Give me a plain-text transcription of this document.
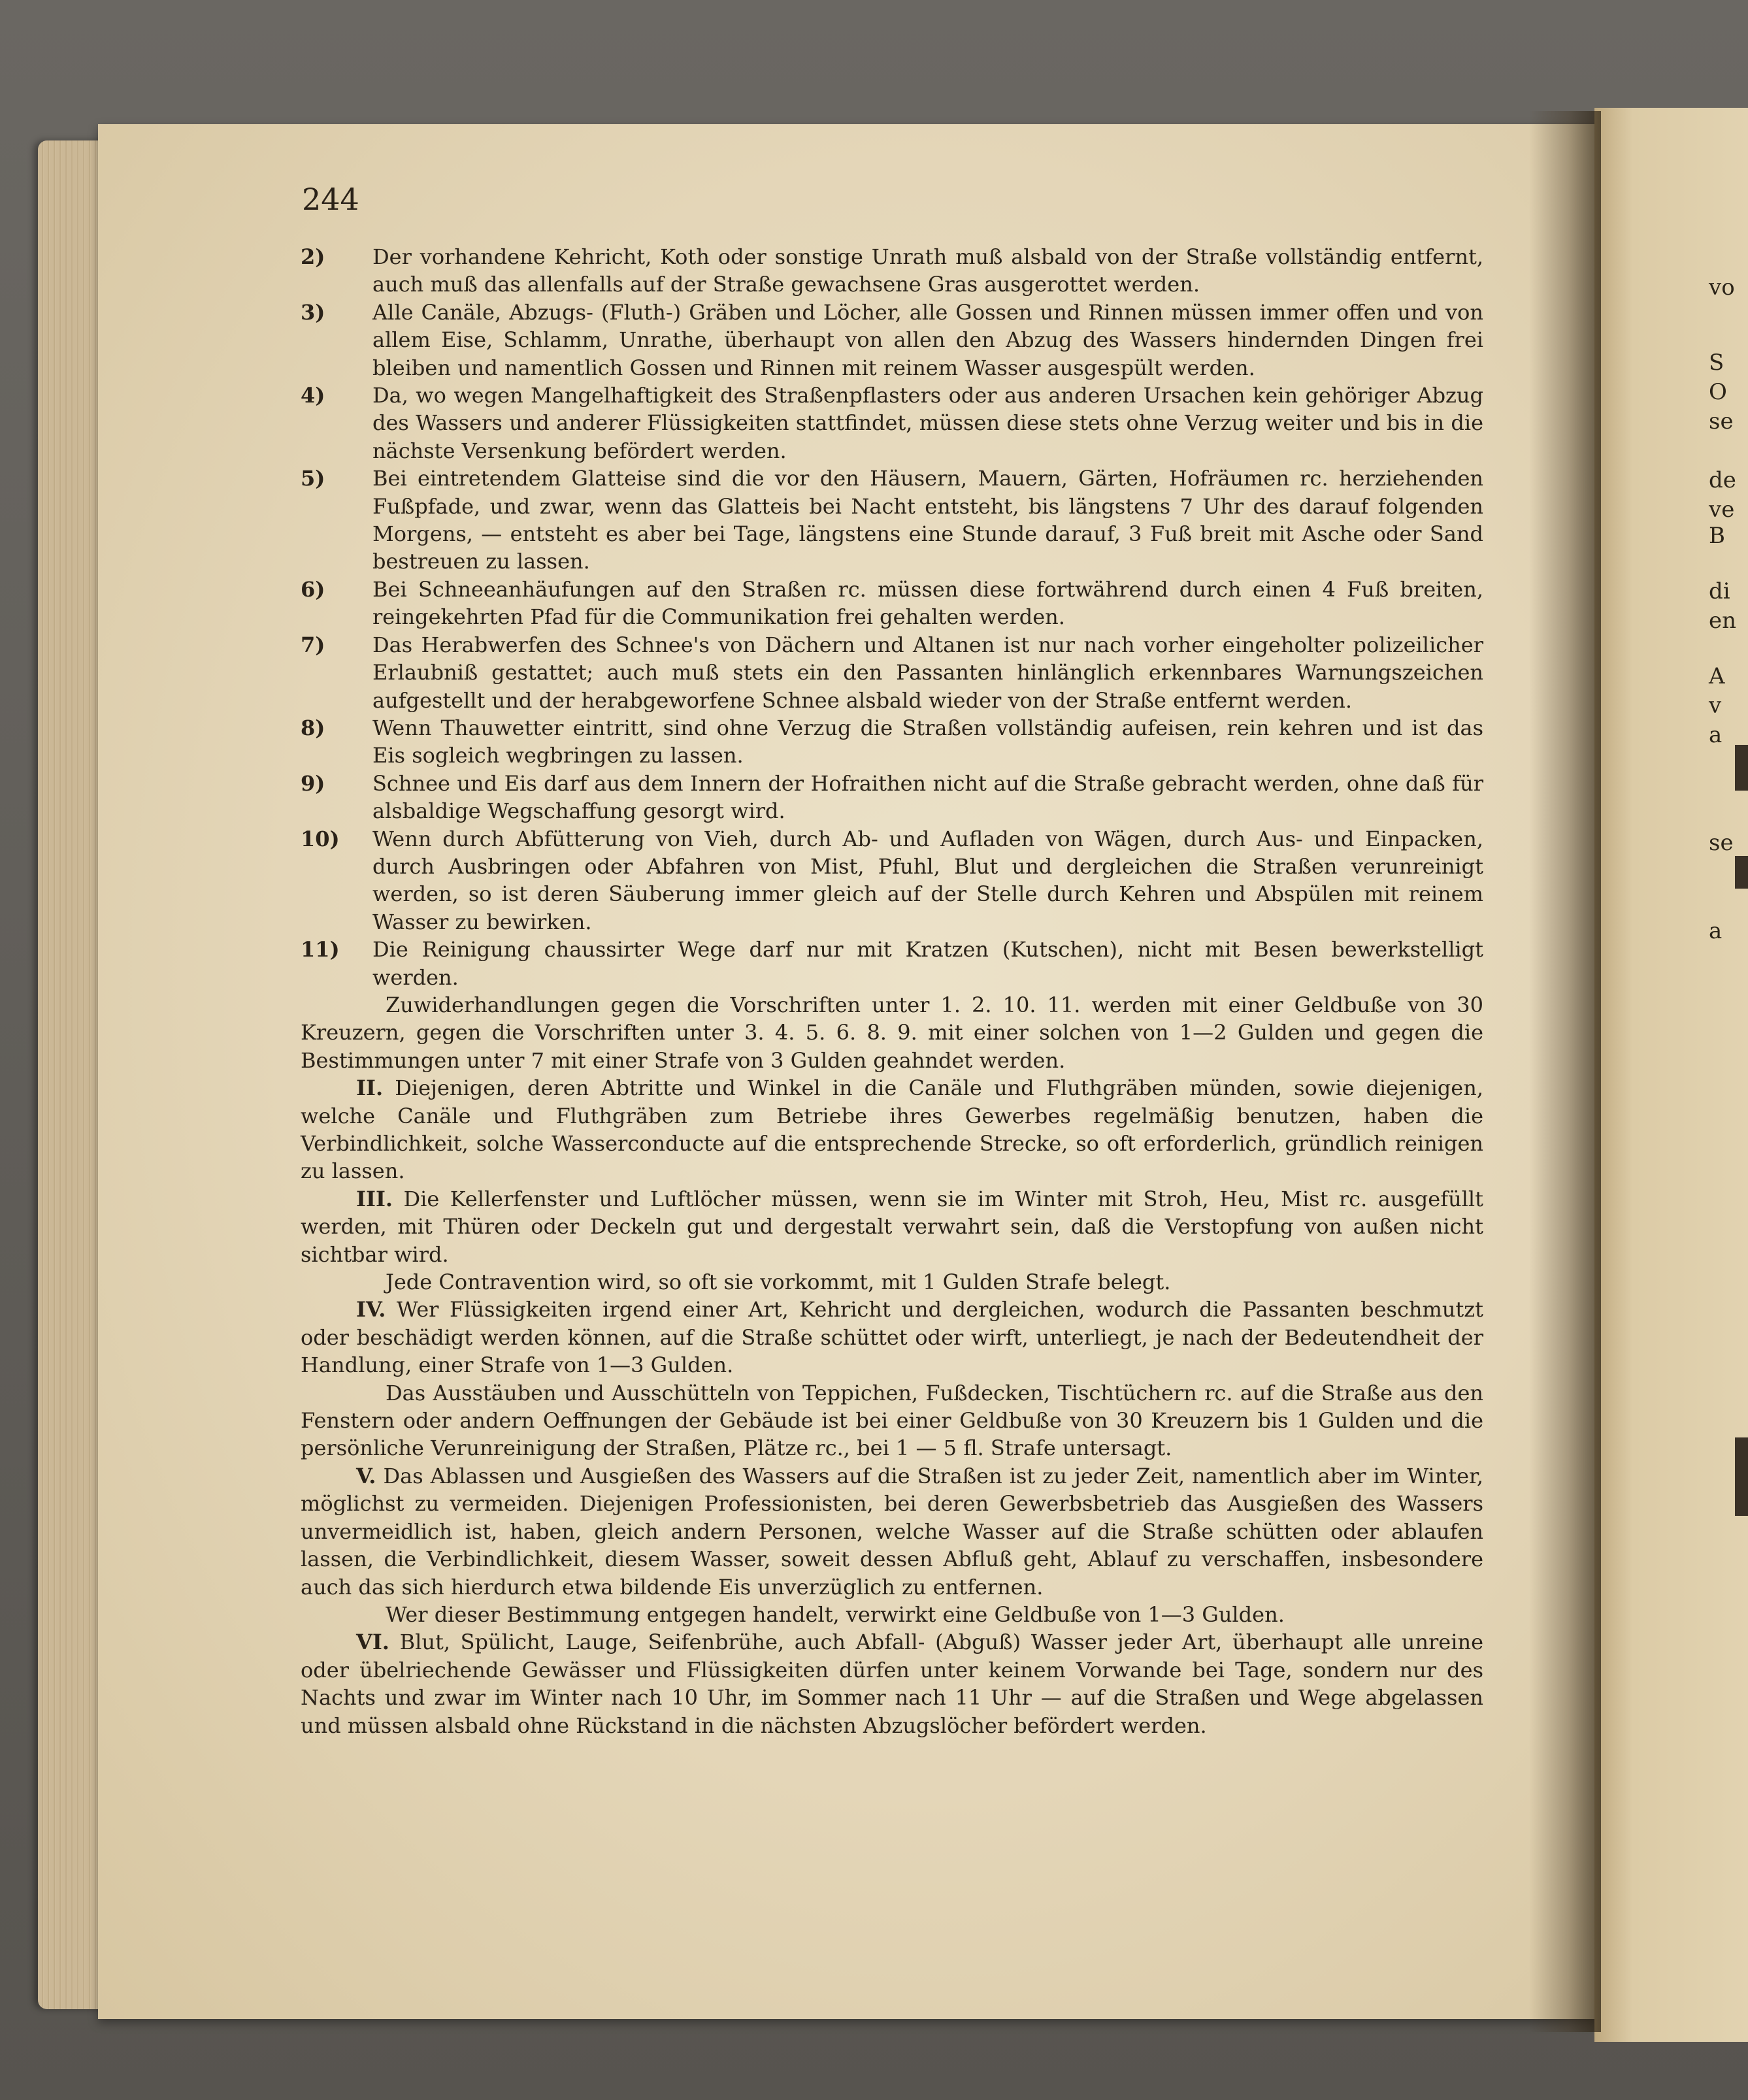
vo
S
O
se
de
ve
B
di
en
A
v
a
se
a
244

2)	Der vorhandene Kehricht, Koth oder sonstige Unrath muß alsbald von der Straße vollständig entfernt, auch muß das allenfalls auf der Straße gewachsene Gras ausgerottet werden.

3)	Alle Canäle, Abzugs- (Fluth-) Gräben und Löcher, alle Gossen und Rinnen müssen immer offen und von allem Eise, Schlamm, Unrathe, überhaupt von allen den Abzug des Wassers hindernden Dingen frei bleiben und namentlich Gossen und Rinnen mit reinem Wasser ausgespült werden.

4)	Da, wo wegen Mangelhaftigkeit des Straßenpflasters oder aus anderen Ursachen kein gehöriger Abzug des Wassers und anderer Flüssigkeiten stattfindet, müssen diese stets ohne Verzug weiter und bis in die nächste Versenkung befördert werden.

5)	Bei eintretendem Glatteise sind die vor den Häusern, Mauern, Gärten, Hofräumen rc. herziehenden Fußpfade, und zwar, wenn das Glatteis bei Nacht entsteht, bis längstens 7 Uhr des darauf folgenden Morgens, — entsteht es aber bei Tage, längstens eine Stunde darauf, 3 Fuß breit mit Asche oder Sand bestreuen zu lassen.

6)	Bei Schneeanhäufungen auf den Straßen rc. müssen diese fortwährend durch einen 4 Fuß breiten, reingekehrten Pfad für die Communikation frei gehalten werden.

7)	Das Herabwerfen des Schnee's von Dächern und Altanen ist nur nach vorher eingeholter polizeilicher Erlaubniß gestattet; auch muß stets ein den Passanten hinlänglich erkennbares Warnungszeichen aufgestellt und der herabgeworfene Schnee alsbald wieder von der Straße entfernt werden.

8)	Wenn Thauwetter eintritt, sind ohne Verzug die Straßen vollständig aufeisen, rein kehren und ist das Eis sogleich wegbringen zu lassen.

9)	Schnee und Eis darf aus dem Innern der Hofraithen nicht auf die Straße gebracht werden, ohne daß für alsbaldige Wegschaffung gesorgt wird.

10)	Wenn durch Abfütterung von Vieh, durch Ab- und Aufladen von Wägen, durch Aus- und Einpacken, durch Ausbringen oder Abfahren von Mist, Pfuhl, Blut und dergleichen die Straßen verunreinigt werden, so ist deren Säuberung immer gleich auf der Stelle durch Kehren und Abspülen mit reinem Wasser zu bewirken.

11)	Die Reinigung chaussirter Wege darf nur mit Kratzen (Kutschen), nicht mit Besen bewerkstelligt werden.

Zuwiderhandlungen gegen die Vorschriften unter 1. 2. 10. 11. werden mit einer Geldbuße von 30 Kreuzern, gegen die Vorschriften unter 3. 4. 5. 6. 8. 9. mit einer solchen von 1—2 Gulden und gegen die Bestimmungen unter 7 mit einer Strafe von 3 Gulden geahndet werden.

II. Diejenigen, deren Abtritte und Winkel in die Canäle und Fluthgräben münden, sowie diejenigen, welche Canäle und Fluthgräben zum Betriebe ihres Gewerbes regelmäßig benutzen, haben die Verbindlichkeit, solche Wasserconducte auf die entsprechende Strecke, so oft erforderlich, gründlich reinigen zu lassen.

III. Die Kellerfenster und Luftlöcher müssen, wenn sie im Winter mit Stroh, Heu, Mist rc. ausgefüllt werden, mit Thüren oder Deckeln gut und dergestalt verwahrt sein, daß die Verstopfung von außen nicht sichtbar wird.

Jede Contravention wird, so oft sie vorkommt, mit 1 Gulden Strafe belegt.

IV. Wer Flüssigkeiten irgend einer Art, Kehricht und dergleichen, wodurch die Passanten beschmutzt oder beschädigt werden können, auf die Straße schüttet oder wirft, unterliegt, je nach der Bedeutendheit der Handlung, einer Strafe von 1—3 Gulden.

Das Ausstäuben und Ausschütteln von Teppichen, Fußdecken, Tischtüchern rc. auf die Straße aus den Fenstern oder andern Oeffnungen der Gebäude ist bei einer Geldbuße von 30 Kreuzern bis 1 Gulden und die persönliche Verunreinigung der Straßen, Plätze rc., bei 1 — 5 fl. Strafe untersagt.

V. Das Ablassen und Ausgießen des Wassers auf die Straßen ist zu jeder Zeit, namentlich aber im Winter, möglichst zu vermeiden. Diejenigen Professionisten, bei deren Gewerbsbetrieb das Ausgießen des Wassers unvermeidlich ist, haben, gleich andern Personen, welche Wasser auf die Straße schütten oder ablaufen lassen, die Verbindlichkeit, diesem Wasser, soweit dessen Abfluß geht, Ablauf zu verschaffen, insbesondere auch das sich hierdurch etwa bildende Eis unverzüglich zu entfernen.

Wer dieser Bestimmung entgegen handelt, verwirkt eine Geldbuße von 1—3 Gulden.

VI. Blut, Spülicht, Lauge, Seifenbrühe, auch Abfall- (Abguß) Wasser jeder Art, überhaupt alle unreine oder übelriechende Gewässer und Flüssigkeiten dürfen unter keinem Vorwande bei Tage, sondern nur des Nachts und zwar im Winter nach 10 Uhr, im Sommer nach 11 Uhr — auf die Straßen und Wege abgelassen und müssen alsbald ohne Rückstand in die nächsten Abzugslöcher befördert werden.
